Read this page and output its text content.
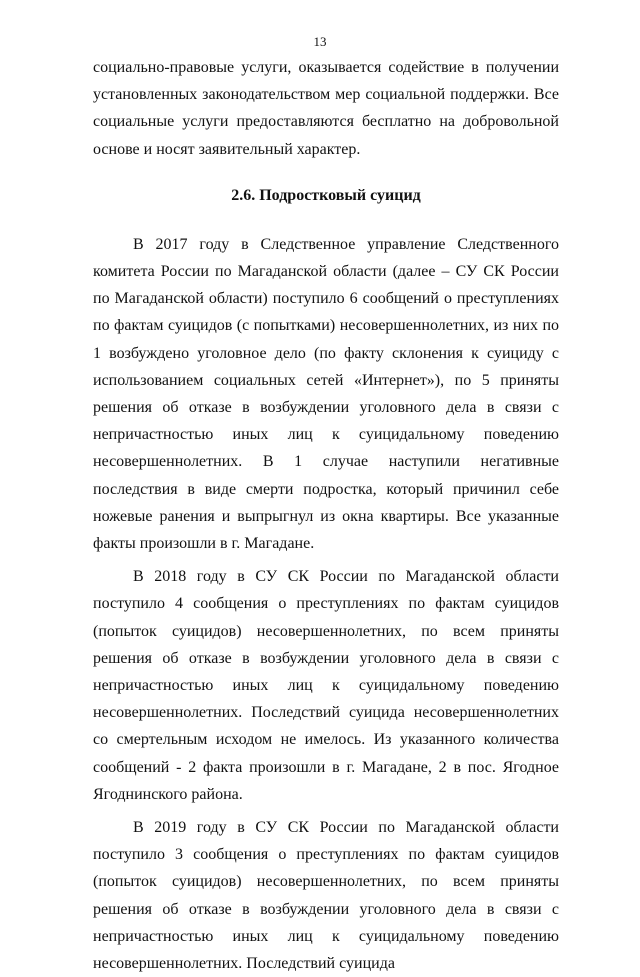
13

социально-правовые услуги, оказывается содействие в получении установленных законодательством мер социальной поддержки. Все социальные услуги предоставляются бесплатно на добровольной основе и носят заявительный характер.

2.6. Подростковый суицид

В 2017 году в Следственное управление Следственного комитета России по Магаданской области (далее – СУ СК России по Магаданской области) поступило 6 сообщений о преступлениях по фактам суицидов (с попытками) несовершеннолетних, из них по 1 возбуждено уголовное дело (по факту склонения к суициду с использованием социальных сетей «Интернет»), по 5 приняты решения об отказе в возбуждении уголовного дела в связи с непричастностью иных лиц к суицидальному поведению несовершеннолетних. В 1 случае наступили негативные последствия в виде смерти подростка, который причинил себе ножевые ранения и выпрыгнул из окна квартиры. Все указанные факты произошли в г. Магадане.

В 2018 году в СУ СК России по Магаданской области поступило 4 сообщения о преступлениях по фактам суицидов (попыток суицидов) несовершеннолетних, по всем приняты решения об отказе в возбуждении уголовного дела в связи с непричастностью иных лиц к суицидальному поведению несовершеннолетних. Последствий суицида несовершеннолетних со смертельным исходом не имелось. Из указанного количества сообщений - 2 факта произошли в г. Магадане, 2 в пос. Ягодное Ягоднинского района.

В 2019 году в СУ СК России по Магаданской области поступило 3 сообщения о преступлениях по фактам суицидов (попыток суицидов) несовершеннолетних, по всем приняты решения об отказе в возбуждении уголовного дела в связи с непричастностью иных лиц к суицидальному поведению несовершеннолетних. Последствий суицида
